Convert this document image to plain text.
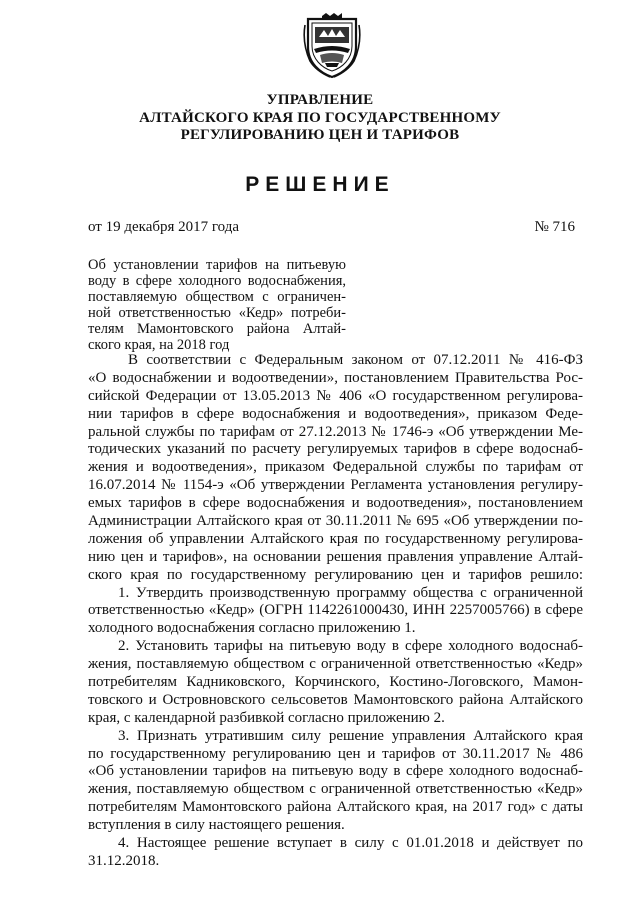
УПРАВЛЕНИЕ
АЛТАЙСКОГО КРАЯ ПО ГОСУДАРСТВЕННОМУ
РЕГУЛИРОВАНИЮ ЦЕН И ТАРИФОВ
РЕШЕНИЕ
от 19 декабря 2017 года	№ 716
Об установлении тарифов на питьевую
воду в сфере холодного водоснабжения,
поставляемую обществом с ограничен-
ной ответственностью «Кедр» потреби-
телям Мамонтовского района Алтай-
ского края, на 2018 год
В соответствии с Федеральным законом от 07.12.2011 № 416-ФЗ
«О водоснабжении и водоотведении», постановлением Правительства Рос-
сийской Федерации от 13.05.2013 № 406 «О государственном регулирова-
нии тарифов в сфере водоснабжения и водоотведения», приказом Феде-
ральной службы по тарифам от 27.12.2013 № 1746-э «Об утверждении Ме-
тодических указаний по расчету регулируемых тарифов в сфере водоснаб-
жения и водоотведения», приказом Федеральной службы по тарифам от
16.07.2014 № 1154-э «Об утверждении Регламента установления регулиру-
емых тарифов в сфере водоснабжения и водоотведения», постановлением
Администрации Алтайского края от 30.11.2011 № 695 «Об утверждении по-
ложения об управлении Алтайского края по государственному регулирова-
нию цен и тарифов», на основании решения правления управление Алтай-
ского края по государственному регулированию цен и тарифов решило:
1. Утвердить производственную программу общества с ограниченной
ответственностью «Кедр» (ОГРН 1142261000430, ИНН 2257005766) в сфере
холодного водоснабжения согласно приложению 1.
2. Установить тарифы на питьевую воду в сфере холодного водоснаб-
жения, поставляемую обществом с ограниченной ответственностью «Кедр»
потребителям Кадниковского, Корчинского, Костино-Логовского, Мамон-
товского и Островновского сельсоветов Мамонтовского района Алтайского
края, с календарной разбивкой согласно приложению 2.
3. Признать утратившим силу решение управления Алтайского края
по государственному регулированию цен и тарифов от 30.11.2017 № 486
«Об установлении тарифов на питьевую воду в сфере холодного водоснаб-
жения, поставляемую обществом с ограниченной ответственностью «Кедр»
потребителям Мамонтовского района Алтайского края, на 2017 год» с даты
вступления в силу настоящего решения.
4. Настоящее решение вступает в силу с 01.01.2018 и действует по
31.12.2018.
